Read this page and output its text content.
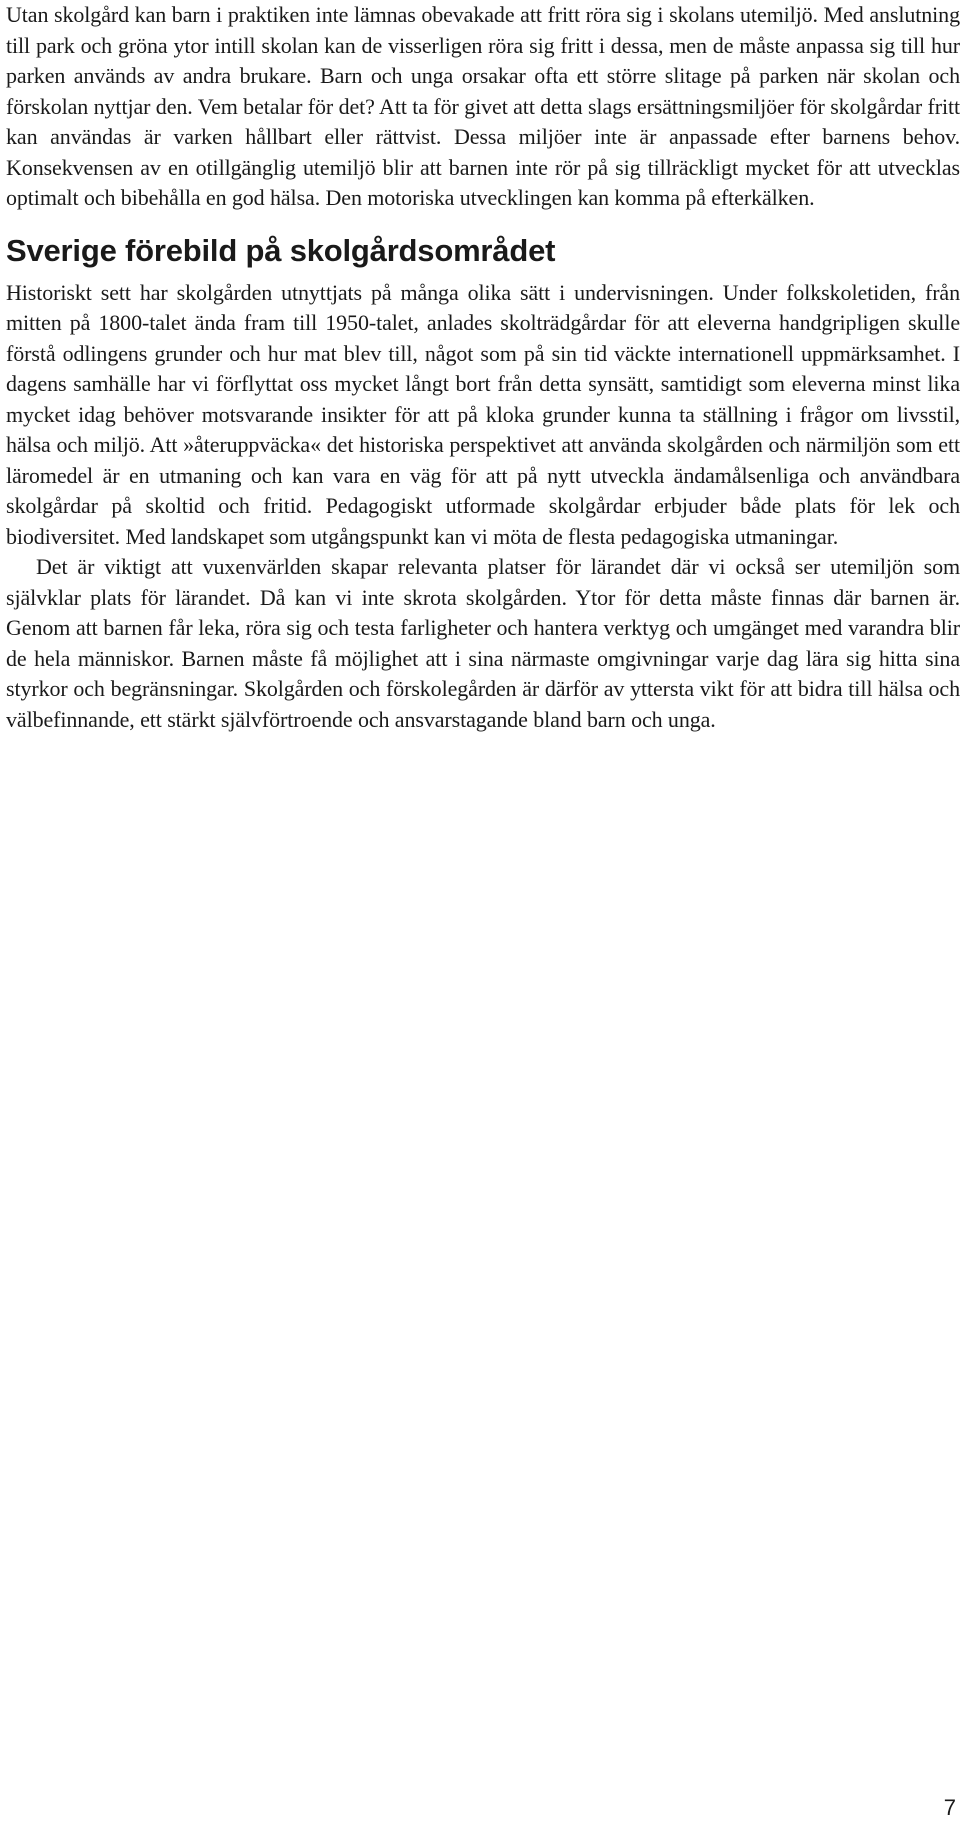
Utan skolgård kan barn i praktiken inte lämnas obevakade att fritt röra sig i skolans utemiljö. Med anslutning till park och gröna ytor intill skolan kan de visserligen röra sig fritt i dessa, men de måste anpassa sig till hur parken används av andra brukare. Barn och unga orsakar ofta ett större slitage på parken när skolan och förskolan nyttjar den. Vem betalar för det? Att ta för givet att detta slags ersättningsmiljöer för skolgårdar fritt kan användas är varken hållbart eller rättvist. Dessa miljöer inte är anpassade efter barnens behov. Konsekvensen av en otillgänglig utemiljö blir att barnen inte rör på sig tillräckligt mycket för att utvecklas optimalt och bibehålla en god hälsa. Den motoriska utvecklingen kan komma på efterkälken.

Sverige förebild på skolgårdsområdet

Historiskt sett har skolgården utnyttjats på många olika sätt i undervisningen. Under folkskoletiden, från mitten på 1800-talet ända fram till 1950-talet, anlades skolträdgårdar för att eleverna handgripligen skulle förstå odlingens grunder och hur mat blev till, något som på sin tid väckte internationell uppmärksamhet. I dagens samhälle har vi förflyttat oss mycket långt bort från detta synsätt, samtidigt som eleverna minst lika mycket idag behöver motsvarande insikter för att på kloka grunder kunna ta ställning i frågor om livsstil, hälsa och miljö. Att »återuppväcka« det historiska perspektivet att använda skolgården och närmiljön som ett läromedel är en utmaning och kan vara en väg för att på nytt utveckla ändamålsenliga och användbara skolgårdar på skoltid och fritid. Pedagogiskt utformade skolgårdar erbjuder både plats för lek och biodiversitet. Med landskapet som utgångspunkt kan vi möta de flesta pedagogiska utmaningar.

Det är viktigt att vuxenvärlden skapar relevanta platser för lärandet där vi också ser utemiljön som självklar plats för lärandet. Då kan vi inte skrota skolgården. Ytor för detta måste finnas där barnen är. Genom att barnen får leka, röra sig och testa farligheter och hantera verktyg och umgänget med varandra blir de hela människor. Barnen måste få möjlighet att i sina närmaste omgivningar varje dag lära sig hitta sina styrkor och begränsningar. Skolgården och förskolegården är därför av yttersta vikt för att bidra till hälsa och välbefinnande, ett stärkt självförtroende och ansvarstagande bland barn och unga.

7
